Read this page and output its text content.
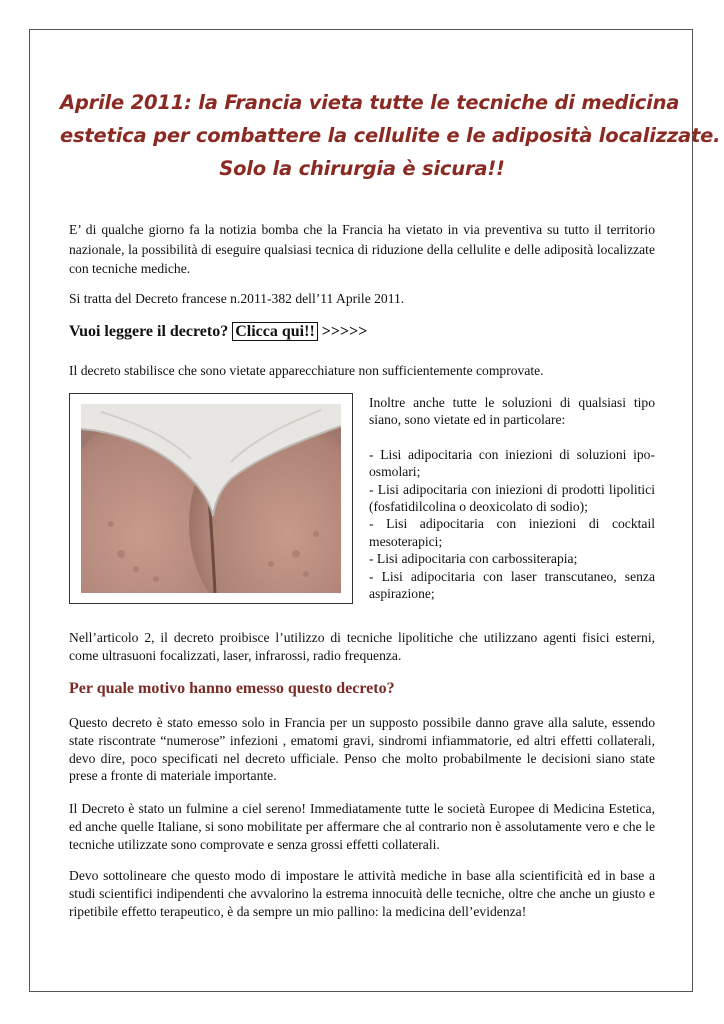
Aprile 2011: la Francia vieta tutte le tecniche di medicina
estetica per combattere la cellulite e le adiposità localizzate.
Solo la chirurgia è sicura!!
E’ di qualche giorno fa la notizia bomba che la Francia ha vietato in via preventiva su tutto il territorio nazionale, la possibilità di eseguire qualsiasi tecnica di riduzione della cellulite e delle adiposità localizzate con tecniche mediche.
Si tratta del Decreto francese n.2011-382 dell’11 Aprile 2011.
Vuoi leggere il decreto? Clicca qui!! >>>>>
Il decreto stabilisce che sono vietate apparecchiature non sufficientemente comprovate.

Inoltre anche tutte le soluzioni di qualsiasi tipo siano, sono vietate ed in particolare:

- Lisi adipocitaria con iniezioni di soluzioni ipo-osmolari;
- Lisi adipocitaria con iniezioni di prodotti lipolitici (fosfatidilcolina o deoxicolato di sodio);
- Lisi adipocitaria con iniezioni di cocktail mesoterapici;
- Lisi adipocitaria con carbossiterapia;
- Lisi adipocitaria con laser transcutaneo, senza aspirazione;
Nell’articolo 2, il decreto proibisce l’utilizzo di tecniche lipolitiche che utilizzano agenti fisici esterni, come ultrasuoni focalizzati, laser, infrarossi, radio frequenza.
Per quale motivo hanno emesso questo decreto?
Questo decreto è stato emesso solo in Francia per un supposto possibile danno grave alla salute, essendo state riscontrate “numerose” infezioni , ematomi gravi, sindromi infiammatorie, ed altri effetti collaterali, devo dire, poco specificati nel decreto ufficiale. Penso che molto probabilmente le decisioni siano state prese a fronte di materiale importante.
Il Decreto è stato un fulmine a ciel sereno! Immediatamente tutte le società Europee di Medicina Estetica, ed anche quelle Italiane, si sono mobilitate per affermare che al contrario non è assolutamente vero e che le tecniche utilizzate sono comprovate e senza grossi effetti collaterali.
Devo sottolineare che questo modo di impostare le attività mediche in base alla scientificità ed in base a studi scientifici indipendenti che avvalorino la estrema innocuità delle tecniche, oltre che anche un giusto e ripetibile effetto terapeutico, è da sempre un mio pallino: la medicina dell’evidenza!
